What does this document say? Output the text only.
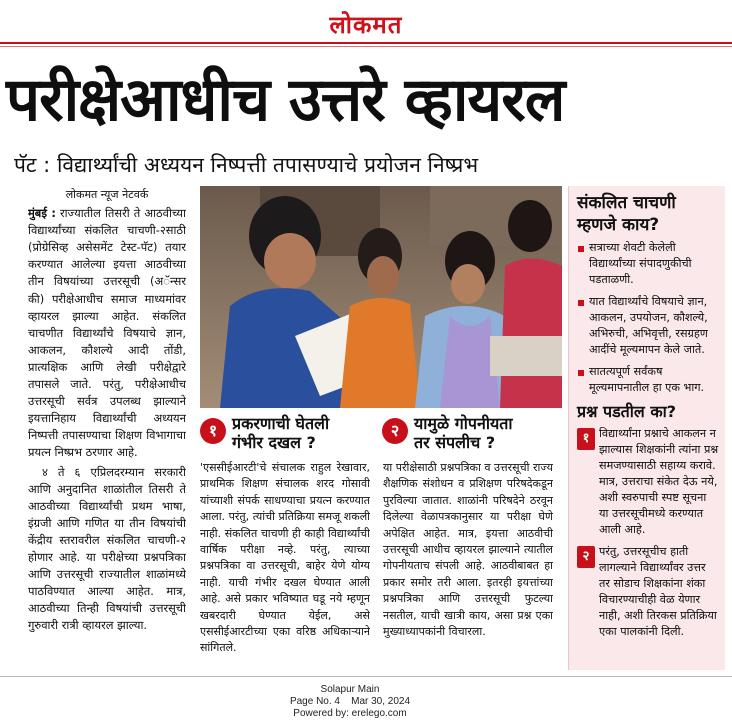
लोकमत
परीक्षेआधीच उत्तरे व्हायरल
पॅट : विद्यार्थ्यांची अध्ययन निष्पत्ती तपासण्याचे प्रयोजन निष्प्रभ
लोकमत न्यूज नेटवर्क

मुंबई : राज्यातील तिसरी ते आठवीच्या विद्यार्थ्यांच्या संकलित चाचणी-२साठी (प्रोग्रेसिव्ह असेसमेंट टेस्ट-पॅट) तयार करण्यात आलेल्या इयत्ता आठवीच्या तीन विषयांच्या उत्तरसूची (अॅन्सर की) परीक्षेआधीच समाज माध्यमांवर व्हायरल झाल्या आहेत. संकलित चाचणीत विद्यार्थ्यांचे विषयाचे ज्ञान, आकलन, कौशल्ये आदी तोंडी, प्रात्यक्षिक आणि लेखी परीक्षेद्वारे तपासले जाते. परंतु, परीक्षेआधीच उत्तरसूची सर्वत्र उपलब्ध झाल्याने इयत्तानिहाय विद्यार्थ्यांची अध्ययन निष्पत्ती तपासण्याचा शिक्षण विभागाचा प्रयत्न निष्प्रभ ठरणार आहे.

४ ते ६ एप्रिलदरम्यान सरकारी आणि अनुदानित शाळांतील तिसरी ते आठवीच्या विद्यार्थ्यांची प्रथम भाषा, इंग्रजी आणि गणित या तीन विषयांची केंद्रीय स्तरावरील संकलित चाचणी-२ होणार आहे. या परीक्षेच्या प्रश्नपत्रिका आणि उत्तरसूची राज्यातील शाळांमध्ये पाठविण्यात आल्या आहेत. मात्र, आठवीच्या तिन्ही विषयांची उत्तरसूची गुरुवारी रात्री व्हायरल झाल्या.

१ प्रकरणाची घेतली
गंभीर दखल ?
२ यामुळे गोपनीयता
तर संपलीच ?
'एससीईआरटी'चे संचालक राहुल रेखावार, प्राथमिक शिक्षण संचालक शरद गोसावी यांच्याशी संपर्क साधण्याचा प्रयत्न करण्यात आला. परंतु, त्यांची प्रतिक्रिया समजू शकली नाही. संकलित चाचणी ही काही विद्यार्थ्यांची वार्षिक परीक्षा नव्हे. परंतु, त्याच्या प्रश्नपत्रिका वा उत्तरसूची, बाहेर येणे योग्य नाही. याची गंभीर दखल घेण्यात आली आहे. असे प्रकार भविष्यात घडू नये म्हणून खबरदारी घेण्यात येईल, असे एससीईआरटीच्या एका वरिष्ठ अधिकाऱ्याने सांगितले.
या परीक्षेसाठी प्रश्नपत्रिका व उत्तरसूची राज्य शैक्षणिक संशोधन व प्रशिक्षण परिषदेकडून पुरविल्या जातात. शाळांनी परिषदेने ठरवून दिलेल्या वेळापत्रकानुसार या परीक्षा घेणे अपेक्षित आहेत. मात्र, इयत्ता आठवीची उत्तरसूची आधीच व्हायरल झाल्याने त्यातील गोपनीयताच संपली आहे. आठवीबाबत हा प्रकार समोर तरी आला. इतरही इयत्तांच्या प्रश्नपत्रिका आणि उत्तरसूची फुटल्या नसतील, याची खात्री काय, असा प्रश्न एका मुख्याध्यापकांनी विचारला.
संकलित चाचणी
म्हणजे काय?
सत्राच्या शेवटी केलेली विद्यार्थ्यांच्या संपादणुकीची पडताळणी.
यात विद्यार्थ्यांचे विषयाचे ज्ञान, आकलन, उपयोजन, कौशल्ये, अभिरुची, अभिवृत्ती, रसग्रहण आदींचे मूल्यमापन केले जाते.
सातत्यपूर्ण सर्वंकष मूल्यमापनातील हा एक भाग.
प्रश्न पडतील का?
१ विद्यार्थ्यांना प्रश्नाचे आकलन न झाल्यास शिक्षकांनी त्यांना प्रश्न समजण्यासाठी सहाय्य करावे. मात्र, उत्तराचा संकेत देऊ नये, अशी स्वरुपाची स्पष्ट सूचना या उत्तरसूचीमध्ये करण्यात आली आहे.
२ परंतु, उत्तरसूचीच हाती लागल्याने विद्यार्थ्यांवर उत्तर तर सोडाच शिक्षकांना शंका विचारण्याचीही वेळ येणार नाही, अशी तिरकस प्रतिक्रिया एका पालकांनी दिली.
Solapur Main
Page No. 4 Mar 30, 2024
Powered by: erelego.com
